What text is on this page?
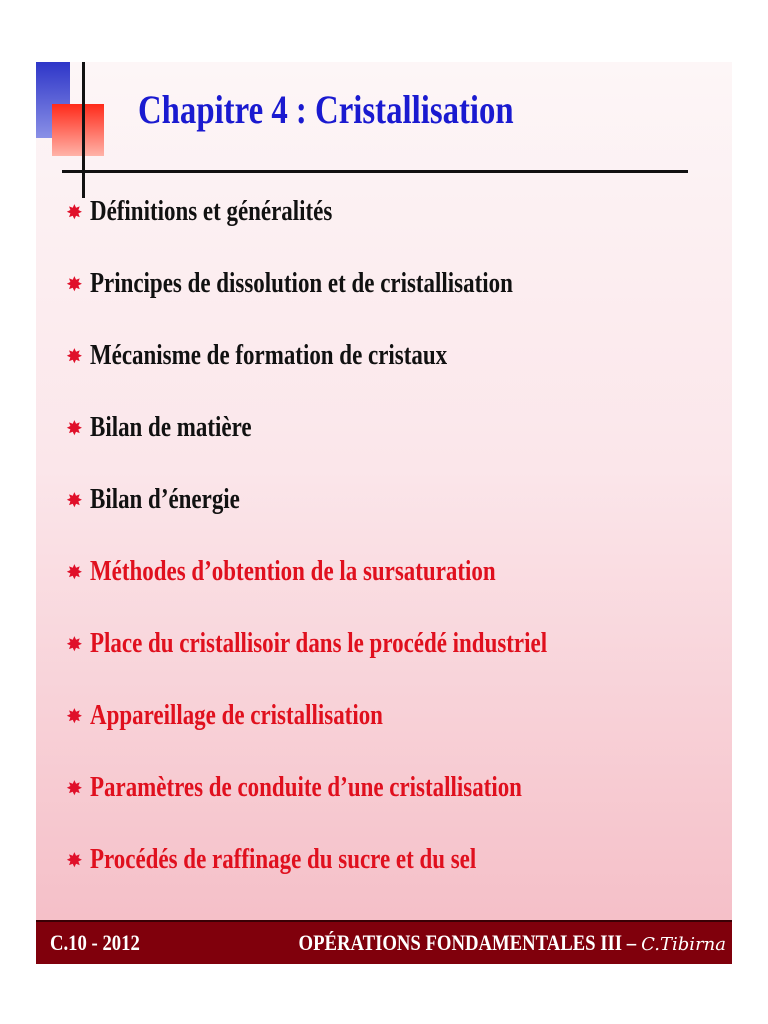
Chapitre 4 : Cristallisation
✸ Définitions et généralités
✸ Principes de dissolution et de cristallisation
✸ Mécanisme de formation de cristaux
✸ Bilan de matière
✸ Bilan d’énergie
✸ Méthodes d’obtention de la sursaturation
✸ Place du cristallisoir dans le procédé industriel
✸ Appareillage de cristallisation
✸ Paramètres de conduite d’une cristallisation
✸ Procédés de raffinage du sucre et du sel
C.10 - 2012	OPÉRATIONS FONDAMENTALES III – C.Tibirna
